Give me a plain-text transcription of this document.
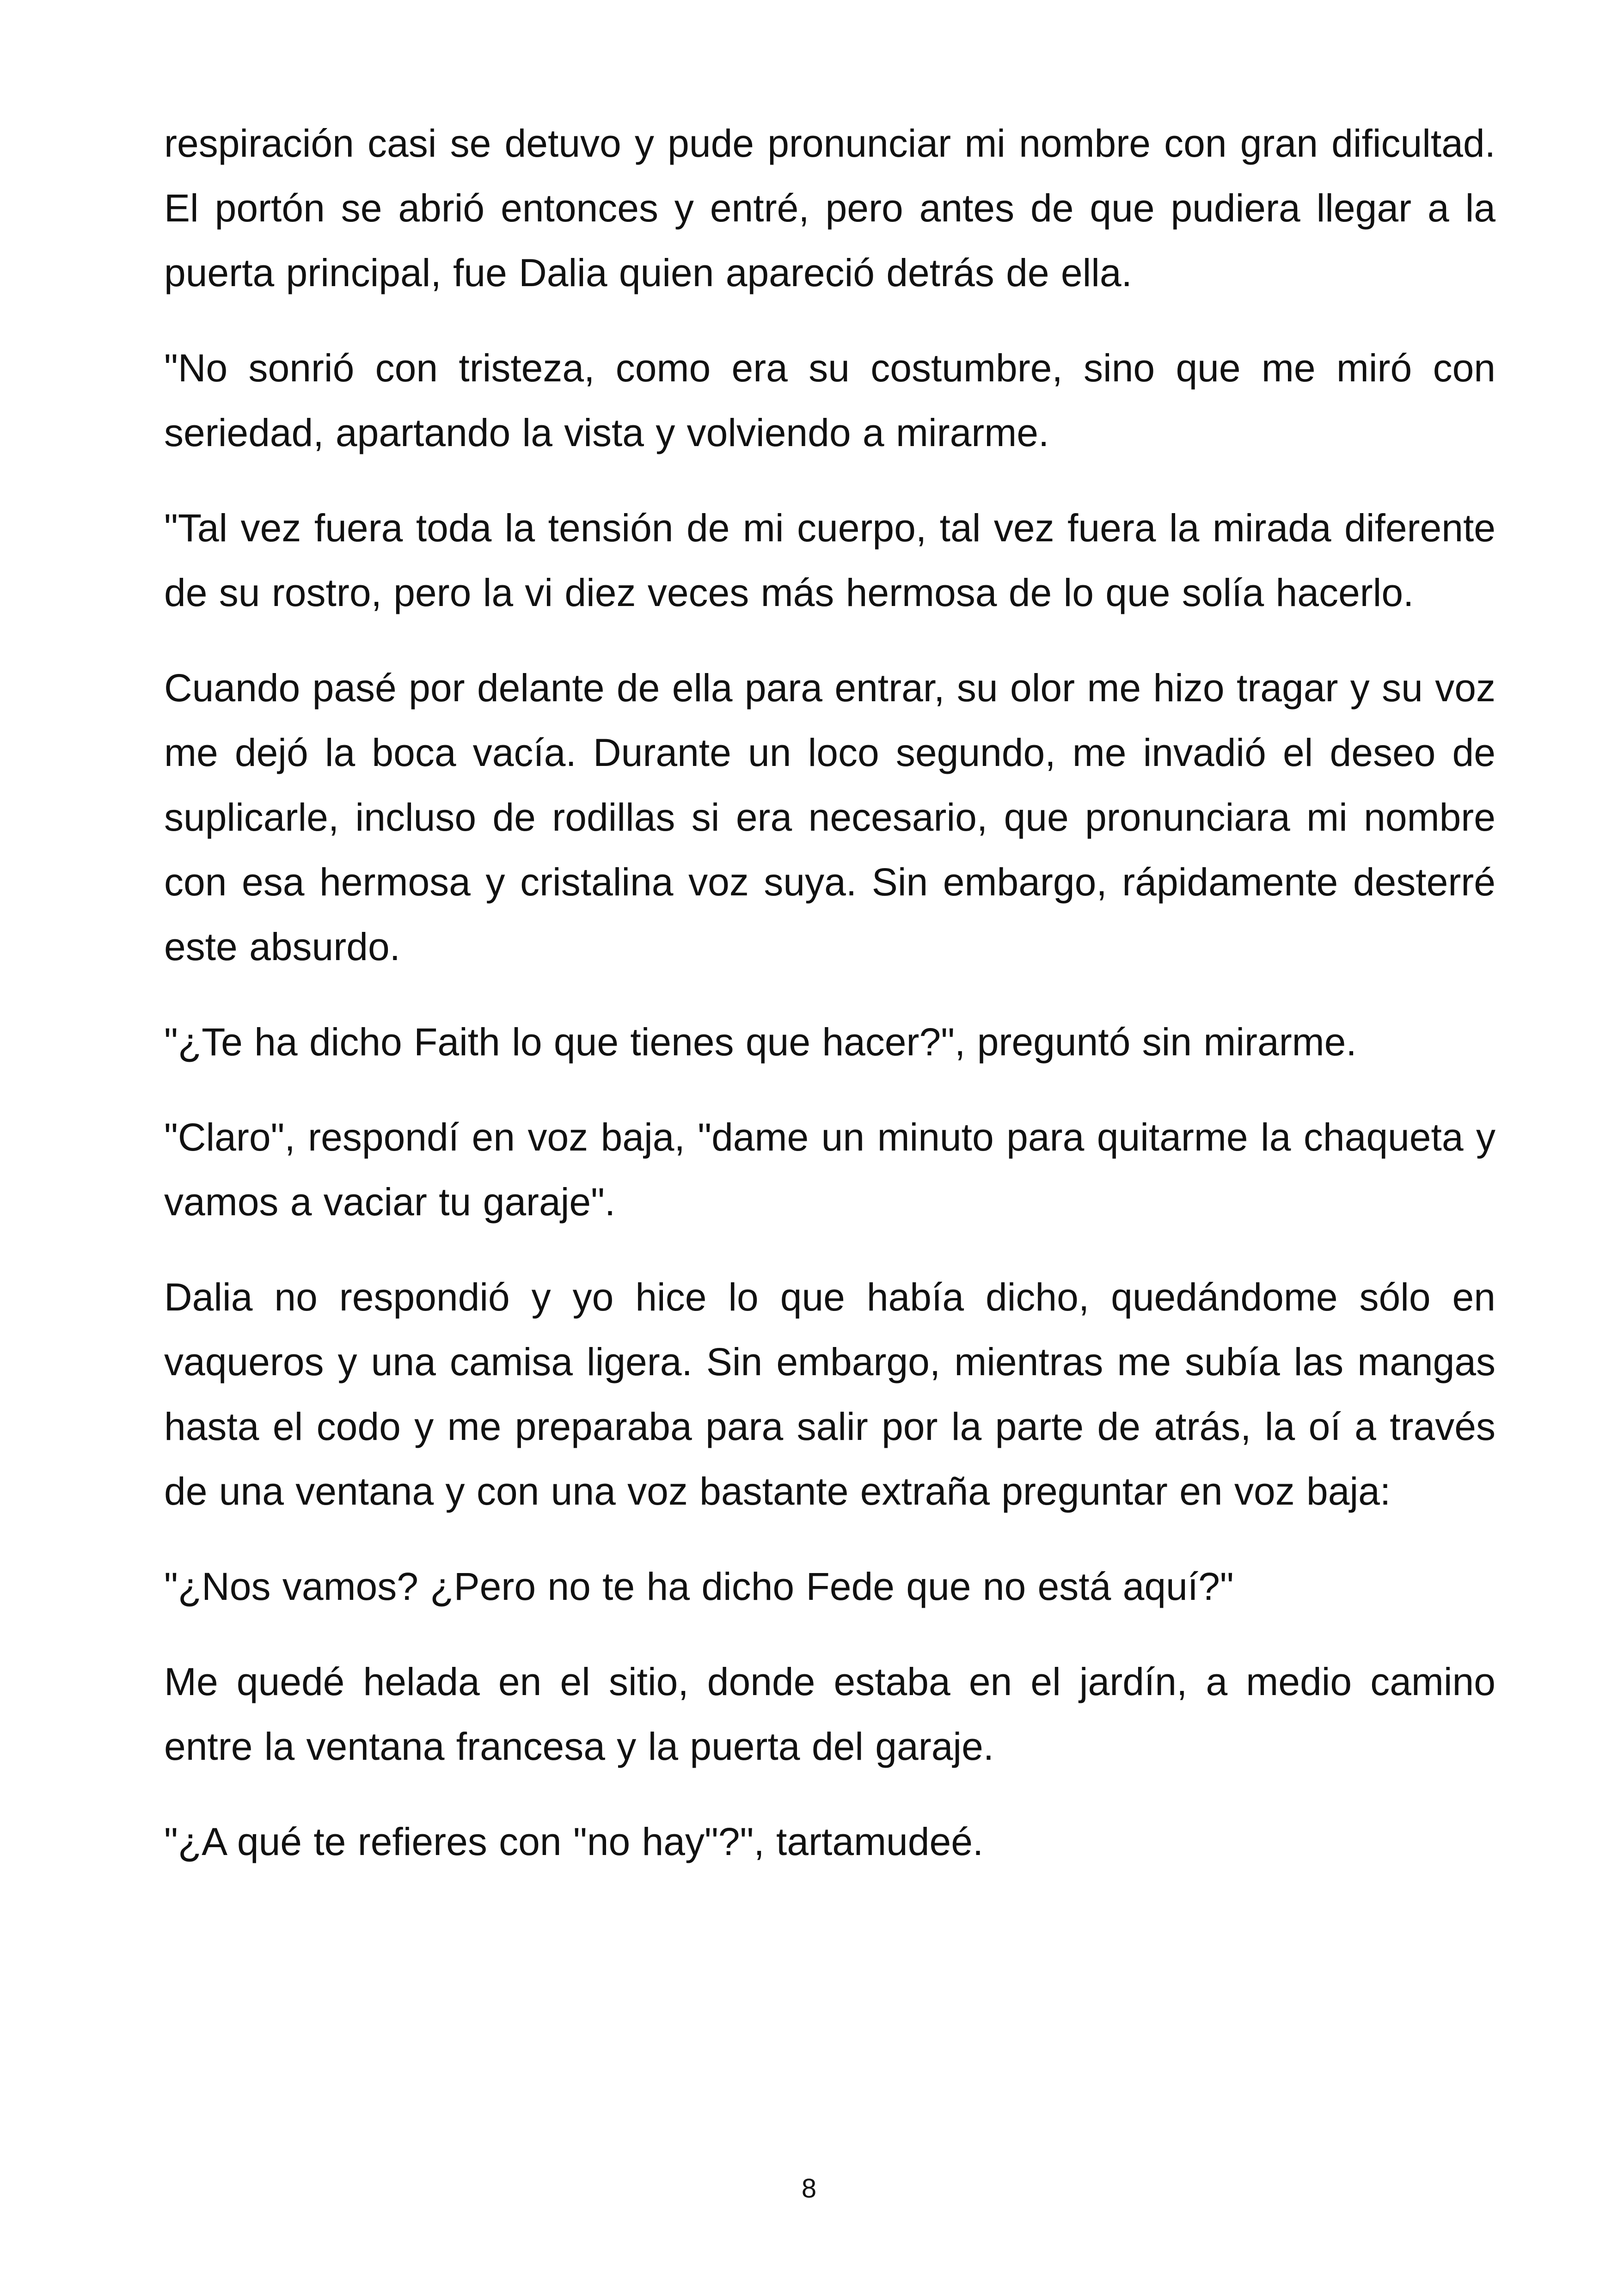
respiración casi se detuvo y pude pronunciar mi nombre con gran dificultad. El portón se abrió entonces y entré, pero antes de que pudiera llegar a la puerta principal, fue Dalia quien apareció detrás de ella.

"No sonrió con tristeza, como era su costumbre, sino que me miró con seriedad, apartando la vista y volviendo a mirarme.

"Tal vez fuera toda la tensión de mi cuerpo, tal vez fuera la mirada diferente de su rostro, pero la vi diez veces más hermosa de lo que solía hacerlo.

Cuando pasé por delante de ella para entrar, su olor me hizo tragar y su voz me dejó la boca vacía. Durante un loco segundo, me invadió el deseo de suplicarle, incluso de rodillas si era necesario, que pronunciara mi nombre con esa hermosa y cristalina voz suya. Sin embargo, rápidamente desterré este absurdo.

"¿Te ha dicho Faith lo que tienes que hacer?", preguntó sin mirarme.

"Claro", respondí en voz baja, "dame un minuto para quitarme la chaqueta y vamos a vaciar tu garaje".

Dalia no respondió y yo hice lo que había dicho, quedándome sólo en vaqueros y una camisa ligera. Sin embargo, mientras me subía las mangas hasta el codo y me preparaba para salir por la parte de atrás, la oí a través de una ventana y con una voz bastante extraña preguntar en voz baja:

"¿Nos vamos? ¿Pero no te ha dicho Fede que no está aquí?"

Me quedé helada en el sitio, donde estaba en el jardín, a medio camino entre la ventana francesa y la puerta del garaje.

"¿A qué te refieres con "no hay"?", tartamudeé.

8
